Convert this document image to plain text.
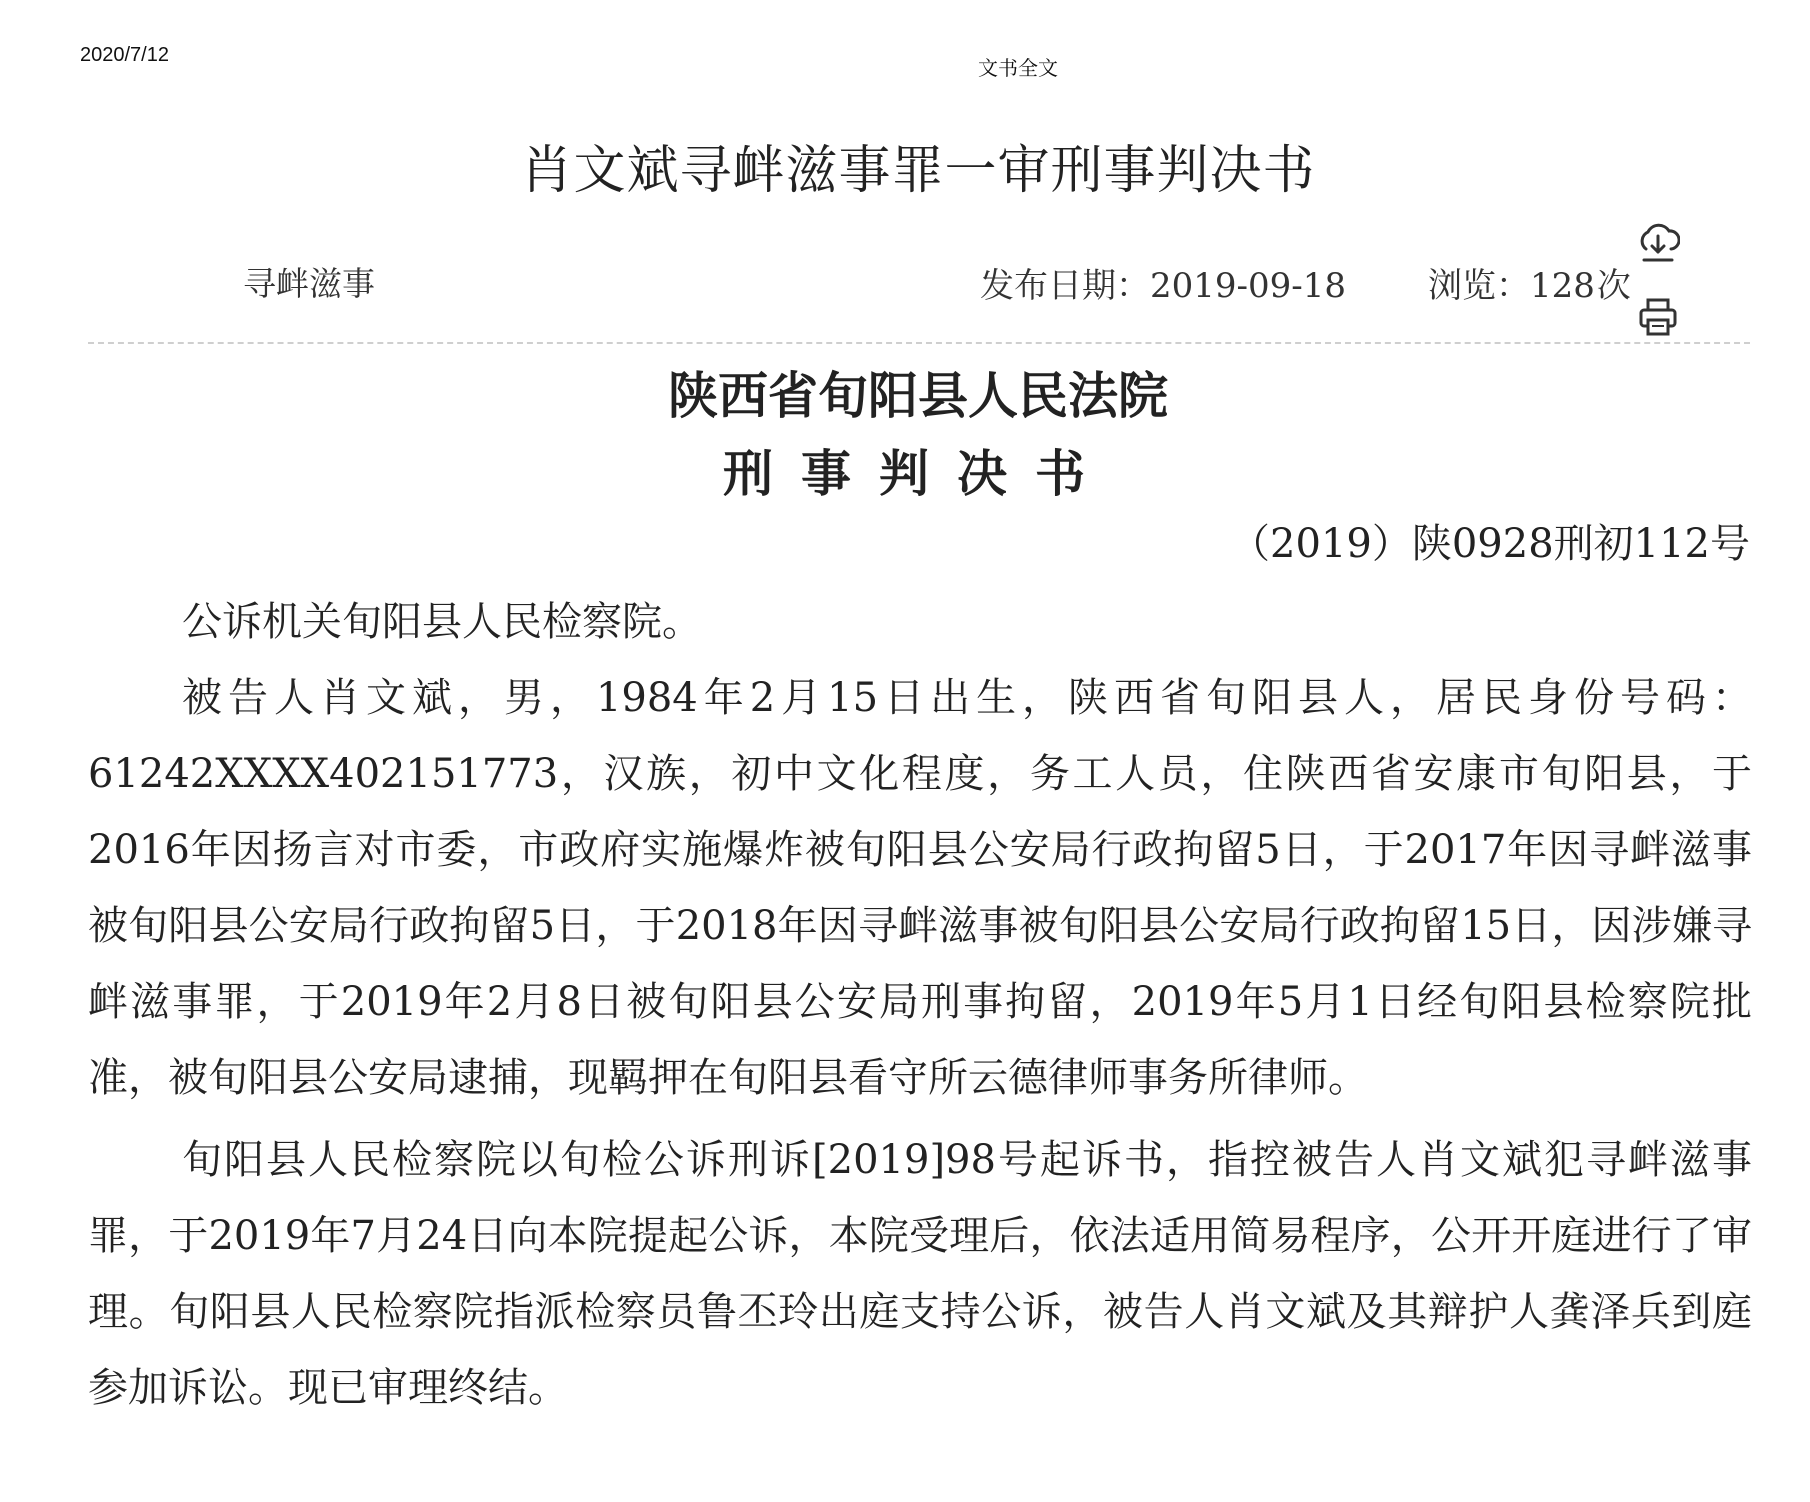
2020/7/12
文书全文
肖文斌寻衅滋事罪一审刑事判决书
寻衅滋事	发布日期：2019-09-18 浏览：128次
陕西省旬阳县人民法院
刑事判决书
（2019）陕0928刑初112号

公诉机关旬阳县人民检察院。

被告人肖文斌，男，1984年2月15日出生，陕西省旬阳县人，居民身份号码：61242XXXX402151773，汉族，初中文化程度，务工人员，住陕西省安康市旬阳县，于2016年因扬言对市委，市政府实施爆炸被旬阳县公安局行政拘留5日，于2017年因寻衅滋事被旬阳县公安局行政拘留5日，于2018年因寻衅滋事被旬阳县公安局行政拘留15日，因涉嫌寻衅滋事罪，于2019年2月8日被旬阳县公安局刑事拘留，2019年5月1日经旬阳县检察院批准，被旬阳县公安局逮捕，现羁押在旬阳县看守所云德律师事务所律师。

旬阳县人民检察院以旬检公诉刑诉[2019]98号起诉书，指控被告人肖文斌犯寻衅滋事罪，于2019年7月24日向本院提起公诉，本院受理后，依法适用简易程序，公开开庭进行了审理。旬阳县人民检察院指派检察员鲁丕玲出庭支持公诉，被告人肖文斌及其辩护人龚泽兵到庭参加诉讼。现已审理终结。
